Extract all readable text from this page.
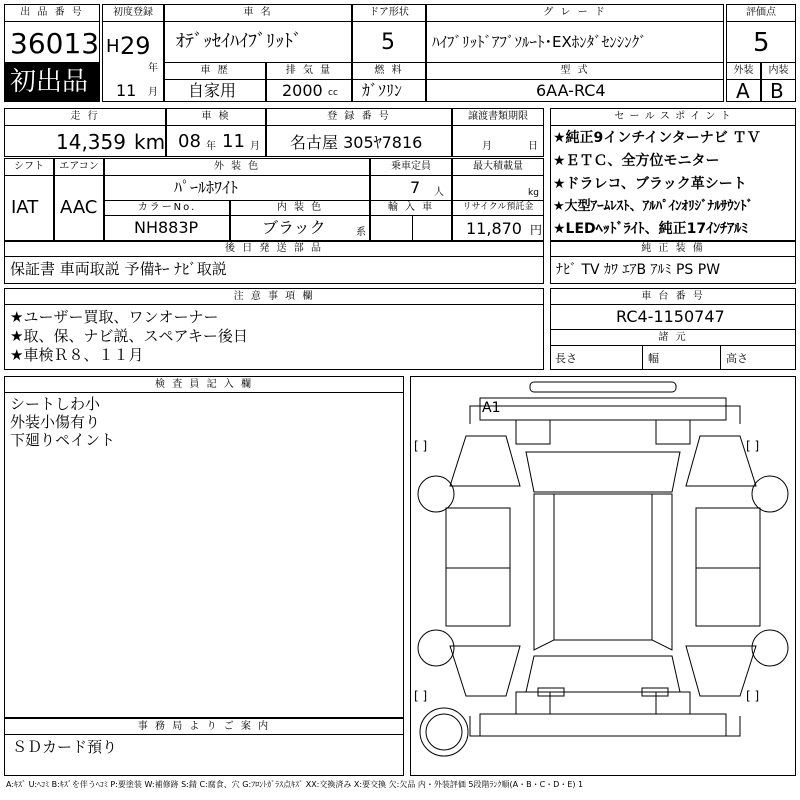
出 品 番 号
36013
初出品
初度登録
H 29
年
11 月
車 名
ｵﾃﾞｯｾｲﾊｲﾌﾞﾘｯﾄﾞ
ドア形状
5
グ レ ー ド
ﾊｲﾌﾞﾘｯﾄﾞｱﾌﾞｿﾙｰﾄ･EXﾎﾝﾀﾞｾﾝｼﾝｸﾞ
評価点
5
車 歴
自家用
排 気 量
2000 cc
燃 料
ｶﾞｿﾘﾝ
型 式
6AA-RC4
外装
A
内装
B
走 行
14,359 km
車 検
08 年 11 月
登 録 番 号
名古屋 305ﾔ7816
譲渡書類期限
月	日
シフト
IAT
エアコン
AAC
外 装 色
ﾊﾟｰﾙﾎﾜｲﾄ
乗車定員
7 人
最大積載量
kg
カラーNo.
NH883P
内 装 色
ブラック	系
輸 入 車	リサイクル預託金
11,870 円
後 日 発 送 部 品
保証書 車両取説 予備ｷｰ ﾅﾋﾞ取説
セ ー ル ス ポ イ ン ト
★純正9インチインターナビ ＴＶ
★ＥＴＣ、全方位モニター
★ドラレコ、ブラック革シート
★大型ｱｰﾑﾚｽﾄ、ｱﾙﾊﾟｲﾝｵﾘｼﾞﾅﾙｻｳﾝﾄﾞ
★LEDﾍｯﾄﾞﾗｲﾄ、純正17ｲﾝﾁｱﾙﾐ
純 正 装 備
ﾅﾋﾞ TV ｶﾜ ｴｱB ｱﾙﾐ PS PW
注 意 事 項 欄
★ユーザー買取、ワンオーナー
★取、保、ナビ説、スペアキー後日
★車検Ｒ８、１１月
車 台 番 号
RC4-1150747
諸 元
長さ	幅	高さ
検 査 員 記 入 欄
シートしわ小
外装小傷有り
下廻りペイント
事 務 局 よ り ご 案 内
ＳＤカード預り
A1
[ ]	[ ]
[ ]	[ ]
A:ｷｽﾞ U:ﾍｺﾐ B:ｷｽﾞを伴うﾍｺﾐ P:要塗装 W:補修跡 S:錆 C:腐食、穴 G:ﾌﾛﾝﾄｶﾞﾗｽ点ｷｽﾞ XX:交換済み X:要交換 欠:欠品 内・外装評価 5段階ﾗﾝｸ順(A・B・C・D・E) 1
